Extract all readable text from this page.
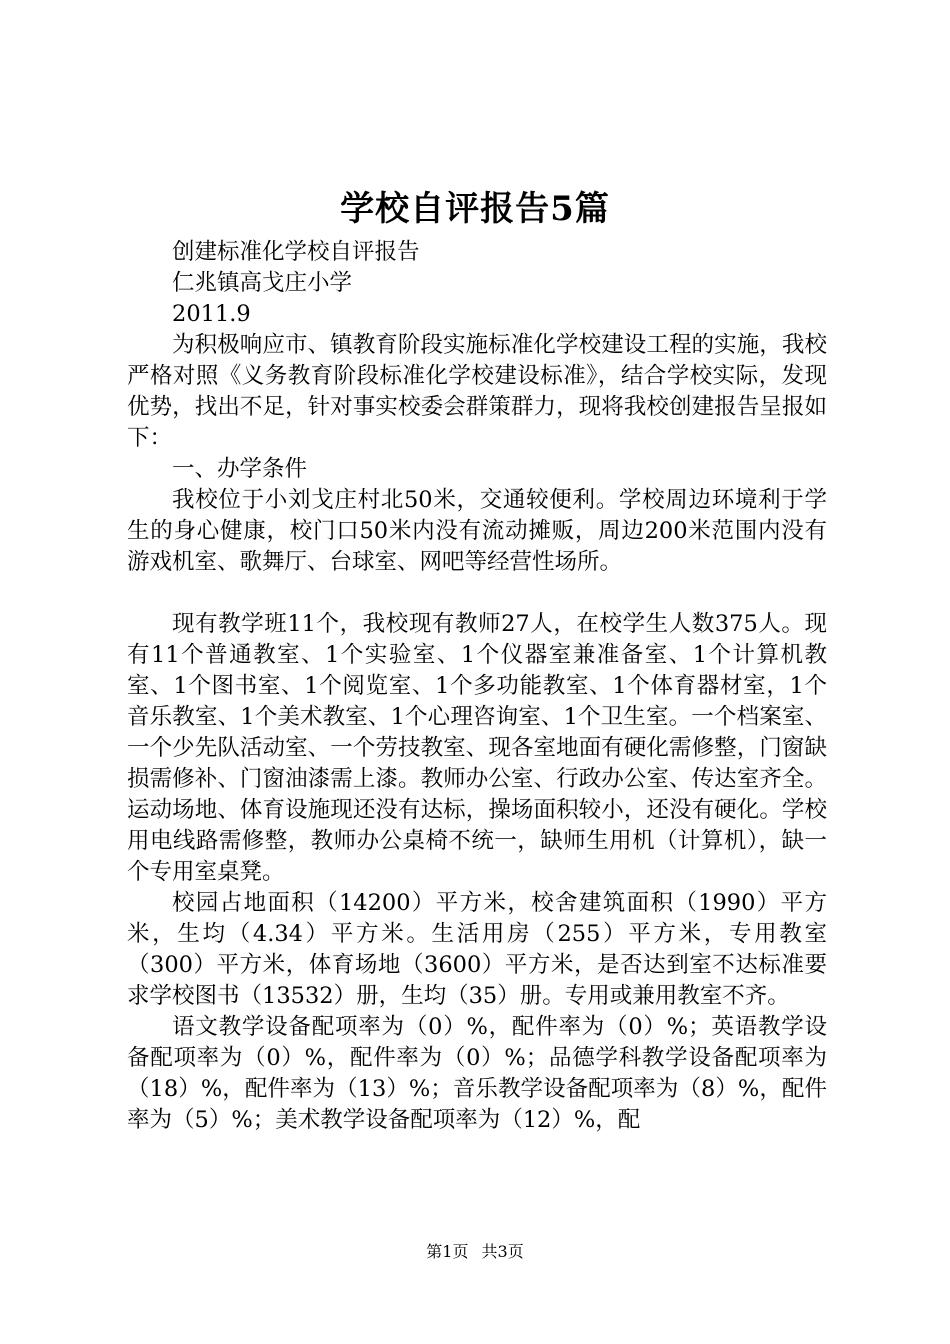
学校自评报告5篇

创建标准化学校自评报告

仁兆镇高戈庄小学

2011.9

为积极响应市、镇教育阶段实施标准化学校建设工程的实施，我校严格对照《义务教育阶段标准化学校建设标准》，结合学校实际，发现优势，找出不足，针对事实校委会群策群力，现将我校创建报告呈报如下：

一、办学条件

我校位于小刘戈庄村北50米，交通较便利。学校周边环境利于学生的身心健康，校门口50米内没有流动摊贩，周边200米范围内没有游戏机室、歌舞厅、台球室、网吧等经营性场所。

现有教学班11个，我校现有教师27人，在校学生人数375人。现有11个普通教室、1个实验室、1个仪器室兼准备室、1个计算机教室、1个图书室、1个阅览室、1个多功能教室、1个体育器材室，1个音乐教室、1个美术教室、1个心理咨询室、1个卫生室。一个档案室、一个少先队活动室、一个劳技教室、现各室地面有硬化需修整，门窗缺损需修补、门窗油漆需上漆。教师办公室、行政办公室、传达室齐全。运动场地、体育设施现还没有达标，操场面积较小，还没有硬化。学校用电线路需修整，教师办公桌椅不统一，缺师生用机（计算机），缺一个专用室桌凳。

校园占地面积（14200）平方米，校舍建筑面积（1990）平方米，生均（4.34）平方米。生活用房（255）平方米，专用教室（300）平方米，体育场地（3600）平方米，是否达到室不达标准要求学校图书（13532）册，生均（35）册。专用或兼用教室不齐。

语文教学设备配项率为（0）%，配件率为（0）%；英语教学设备配项率为（0）%，配件率为（0）%；品德学科教学设备配项率为（18）%，配件率为（13）%；音乐教学设备配项率为（8）%，配件率为（5）%；美术教学设备配项率为（12）%，配

第1页 共3页
